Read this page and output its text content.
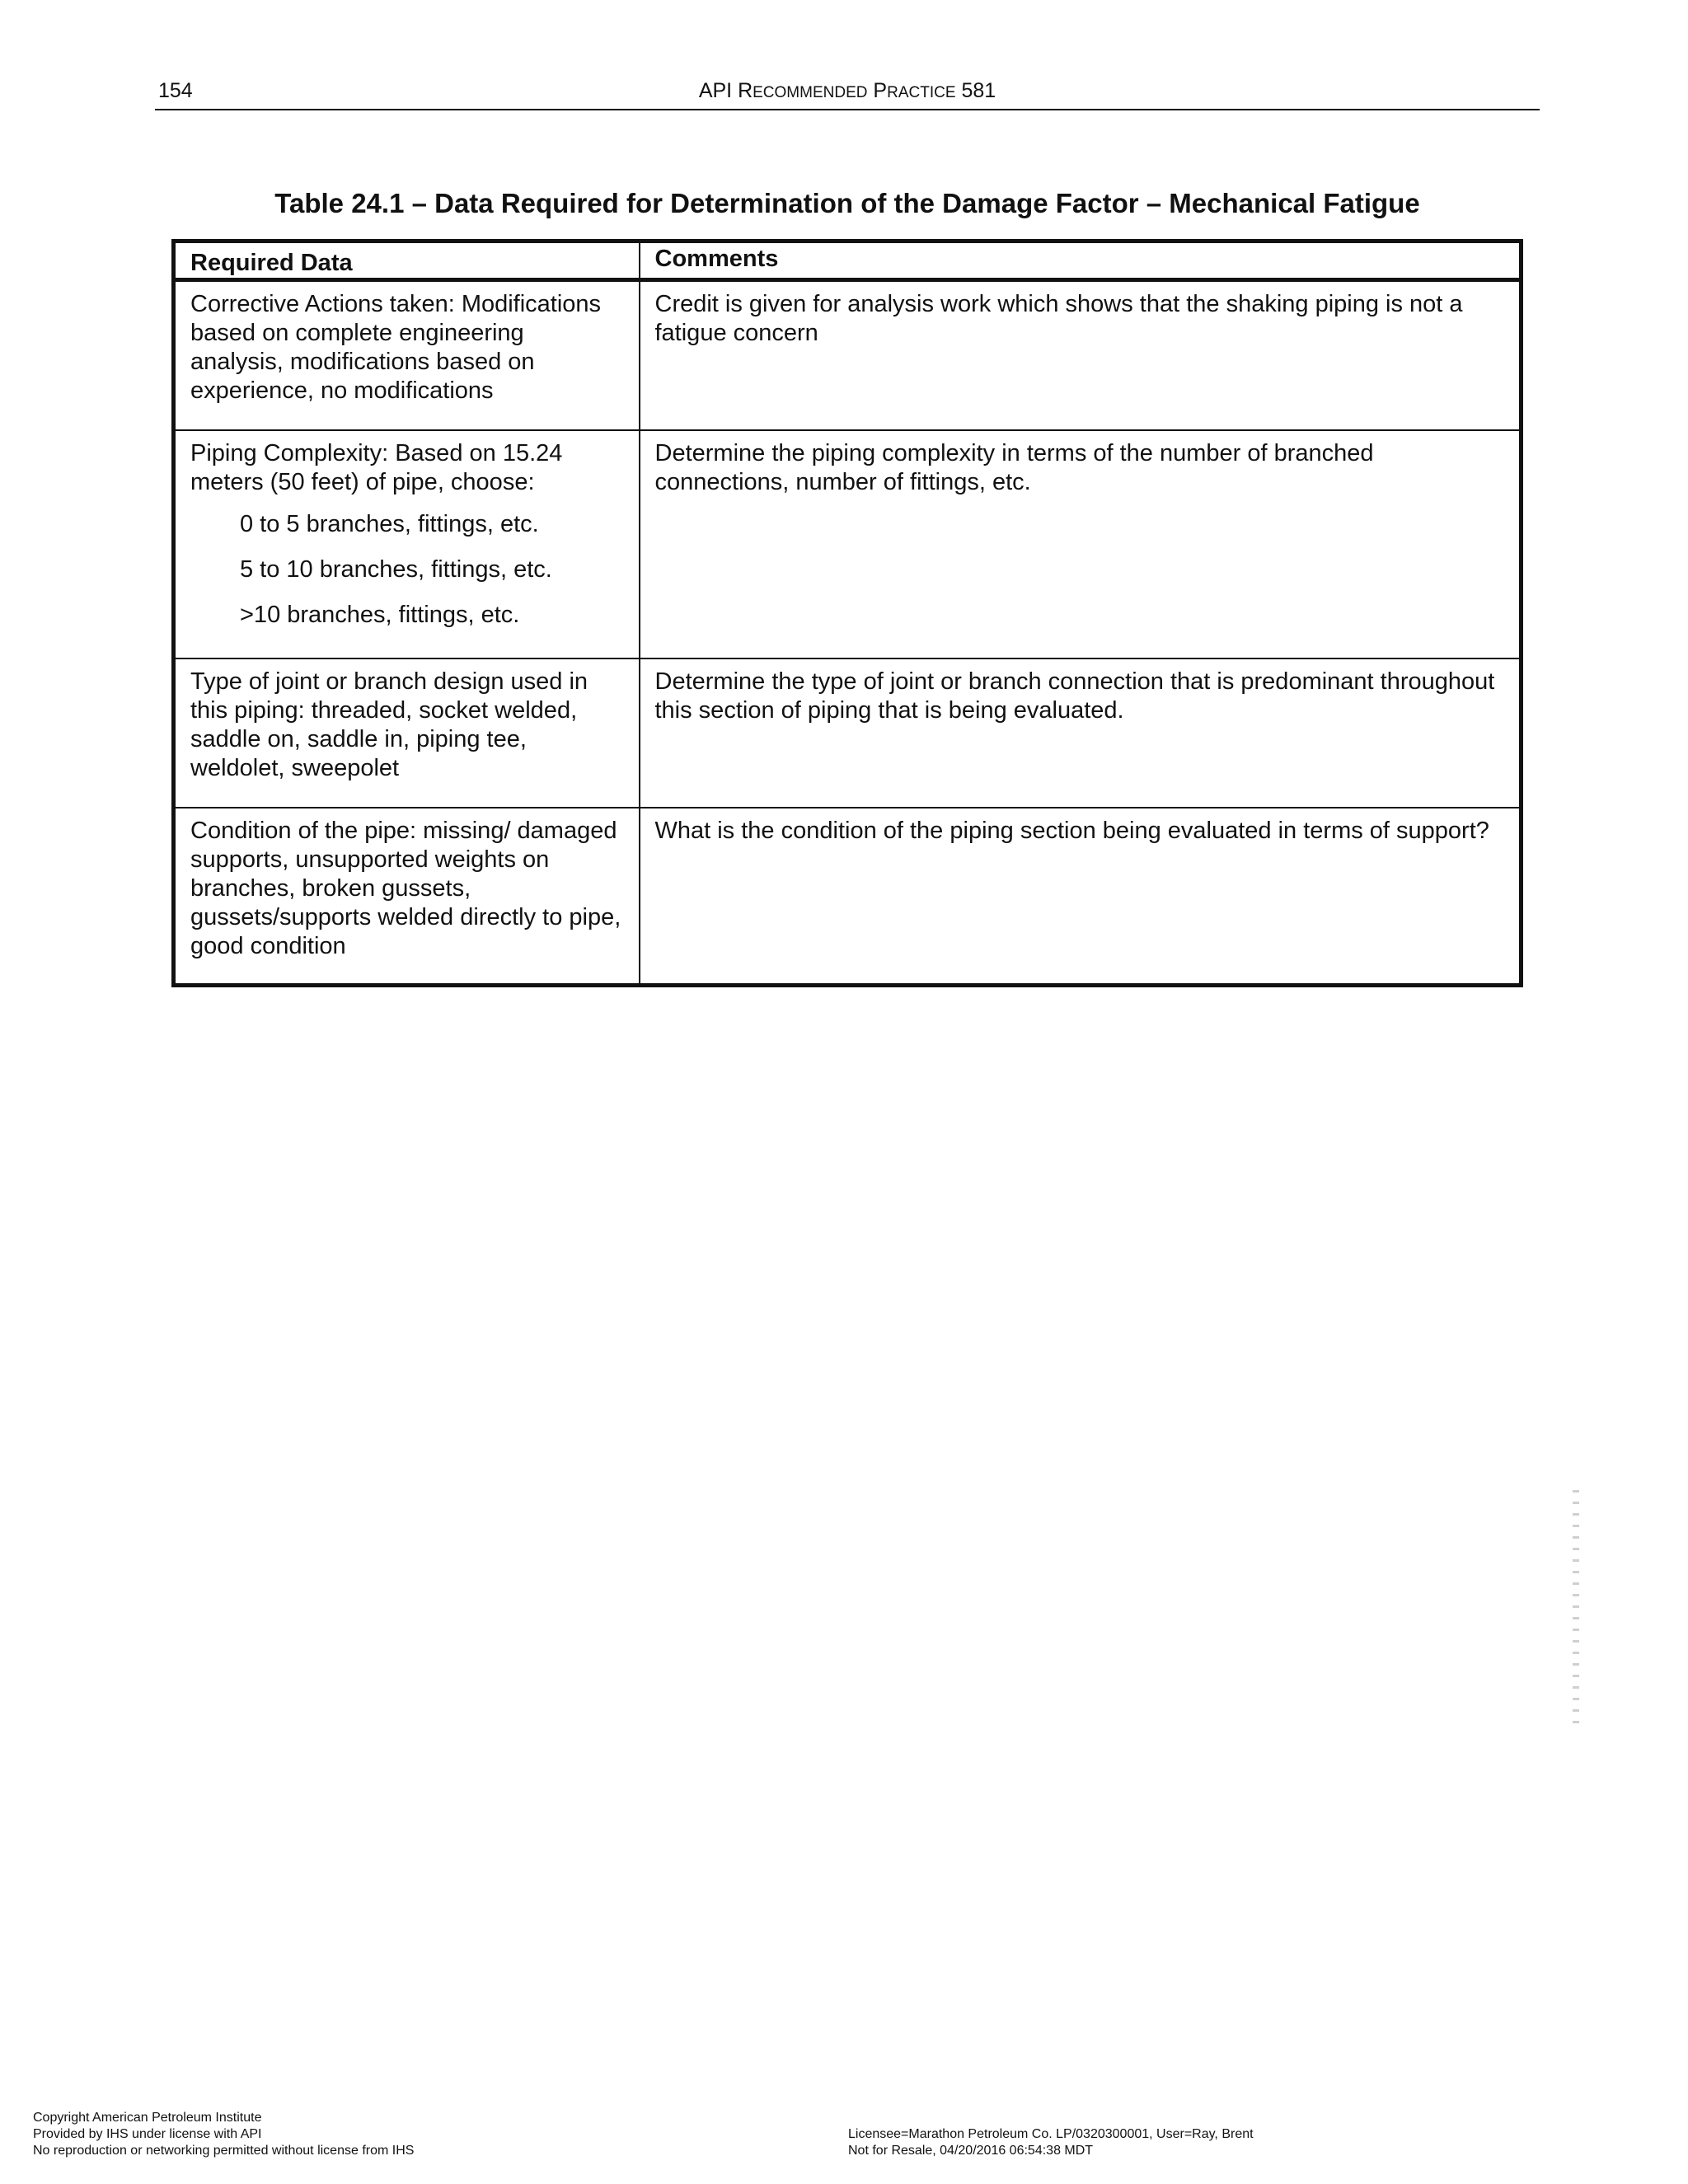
154	API RECOMMENDED PRACTICE 581
Table 24.1 – Data Required for Determination of the Damage Factor – Mechanical Fatigue
Required Data	Comments
Corrective Actions taken: Modifications based on complete engineering analysis, modifications based on experience, no modifications	Credit is given for analysis work which shows that the shaking piping is not a fatigue concern

Piping Complexity: Based on 15.24 meters (50 feet) of pipe, choose:
0 to 5 branches, fittings, etc.
5 to 10 branches, fittings, etc.
>10 branches, fittings, etc.	Determine the piping complexity in terms of the number of branched connections, number of fittings, etc.
Type of joint or branch design used in this piping: threaded, socket welded, saddle on, saddle in, piping tee, weldolet, sweepolet	Determine the type of joint or branch connection that is predominant throughout this section of piping that is being evaluated.
Condition of the pipe: missing/ damaged supports, unsupported weights on branches, broken gussets, gussets/supports welded directly to pipe, good condition	What is the condition of the piping section being evaluated in terms of support?
Copyright American Petroleum Institute
Provided by IHS under license with API
No reproduction or networking permitted without license from IHS
Licensee=Marathon Petroleum Co. LP/0320300001, User=Ray, Brent
Not for Resale, 04/20/2016 06:54:38 MDT
